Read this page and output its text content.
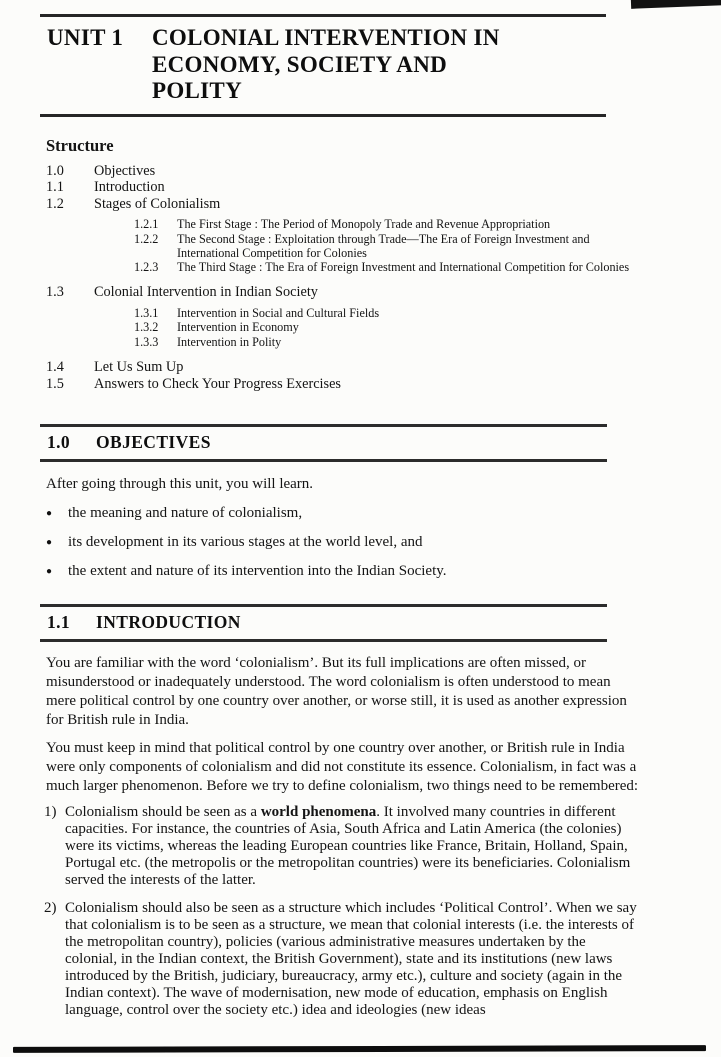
UNIT 1	COLONIAL INTERVENTION IN
ECONOMY, SOCIETY AND
POLITY
Structure
1.0	Objectives
1.1	Introduction
1.2	Stages of Colonialism
1.2.1	The First Stage : The Period of Monopoly Trade and Revenue Appropriation
1.2.2	The Second Stage : Exploitation through Trade—The Era of Foreign Investment and International Competition for Colonies
1.2.3	The Third Stage : The Era of Foreign Investment and International Competition for Colonies
1.3	Colonial Intervention in Indian Society
1.3.1	Intervention in Social and Cultural Fields
1.3.2	Intervention in Economy
1.3.3	Intervention in Polity
1.4	Let Us Sum Up
1.5	Answers to Check Your Progress Exercises
1.0	OBJECTIVES
After going through this unit, you will learn.
●	the meaning and nature of colonialism,
●	its development in its various stages at the world level, and
●	the extent and nature of its intervention into the Indian Society.
1.1	INTRODUCTION
You are familiar with the word ‘colonialism’. But its full implications are often missed, or misunderstood or inadequately understood. The word colonialism is often understood to mean mere political control by one country over another, or worse still, it is used as another expression for British rule in India.
You must keep in mind that political control by one country over another, or British rule in India were only components of colonialism and did not constitute its essence. Colonialism, in fact was a much larger phenomenon. Before we try to define colonialism, two things need to be remembered:
1) Colonialism should be seen as a world phenomena. It involved many countries in different capacities. For instance, the countries of Asia, South Africa and Latin America (the colonies) were its victims, whereas the leading European countries like France, Britain, Holland, Spain, Portugal etc. (the metropolis or the metropolitan countries) were its beneficiaries. Colonialism served the interests of the latter.
2) Colonialism should also be seen as a structure which includes ‘Political Control’. When we say that colonialism is to be seen as a structure, we mean that colonial interests (i.e. the interests of the metropolitan country), policies (various administrative measures undertaken by the colonial, in the Indian context, the British Government), state and its institutions (new laws introduced by the British, judiciary, bureaucracy, army etc.), culture and society (again in the Indian context). The wave of modernisation, new mode of education, emphasis on English language, control over the society etc.) idea and ideologies (new ideas
